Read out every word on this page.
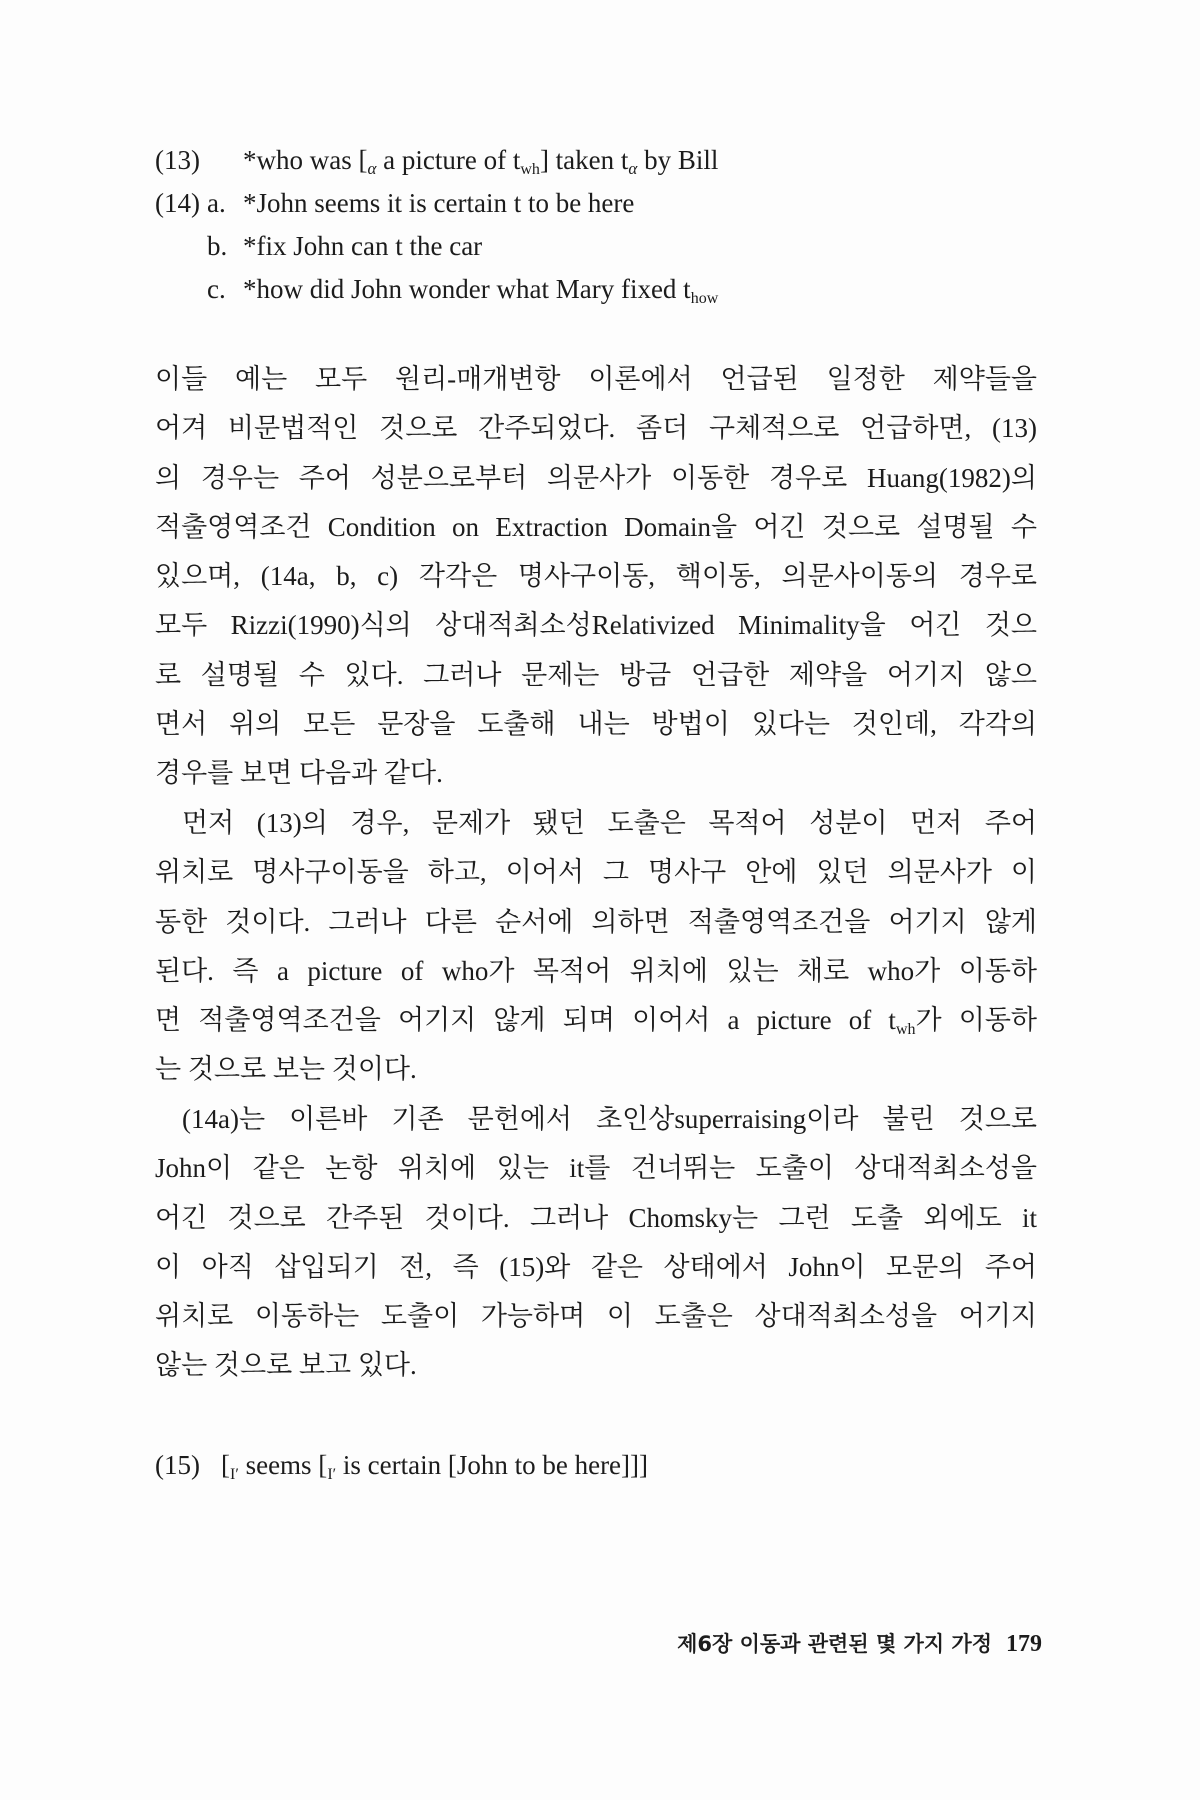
(13) *who was [α a picture of twh] taken tα by Bill
(14) a. *John seems it is certain t to be here
b. *fix John can t the car
c. *how did John wonder what Mary fixed thow
이들 예는 모두 원리-매개변항 이론에서 언급된 일정한 제약들을
어겨 비문법적인 것으로 간주되었다. 좀더 구체적으로 언급하면, (13)
의 경우는 주어 성분으로부터 의문사가 이동한 경우로 Huang(1982)의
적출영역조건 Condition on Extraction Domain을 어긴 것으로 설명될 수
있으며, (14a, b, c) 각각은 명사구이동, 핵이동, 의문사이동의 경우로
모두 Rizzi(1990)식의 상대적최소성Relativized Minimality을 어긴 것으
로 설명될 수 있다. 그러나 문제는 방금 언급한 제약을 어기지 않으
면서 위의 모든 문장을 도출해 내는 방법이 있다는 것인데, 각각의
경우를 보면 다음과 같다.
먼저 (13)의 경우, 문제가 됐던 도출은 목적어 성분이 먼저 주어
위치로 명사구이동을 하고, 이어서 그 명사구 안에 있던 의문사가 이
동한 것이다. 그러나 다른 순서에 의하면 적출영역조건을 어기지 않게
된다. 즉 a picture of who가 목적어 위치에 있는 채로 who가 이동하
면 적출영역조건을 어기지 않게 되며 이어서 a picture of twh가 이동하
는 것으로 보는 것이다.
(14a)는 이른바 기존 문헌에서 초인상superraising이라 불린 것으로
John이 같은 논항 위치에 있는 it를 건너뛰는 도출이 상대적최소성을
어긴 것으로 간주된 것이다. 그러나 Chomsky는 그런 도출 외에도 it
이 아직 삽입되기 전, 즉 (15)와 같은 상태에서 John이 모문의 주어
위치로 이동하는 도출이 가능하며 이 도출은 상대적최소성을 어기지
않는 것으로 보고 있다.
(15) [I′ seems [I′ is certain [John to be here]]]
제6장 이동과 관련된 몇 가지 가정 179
